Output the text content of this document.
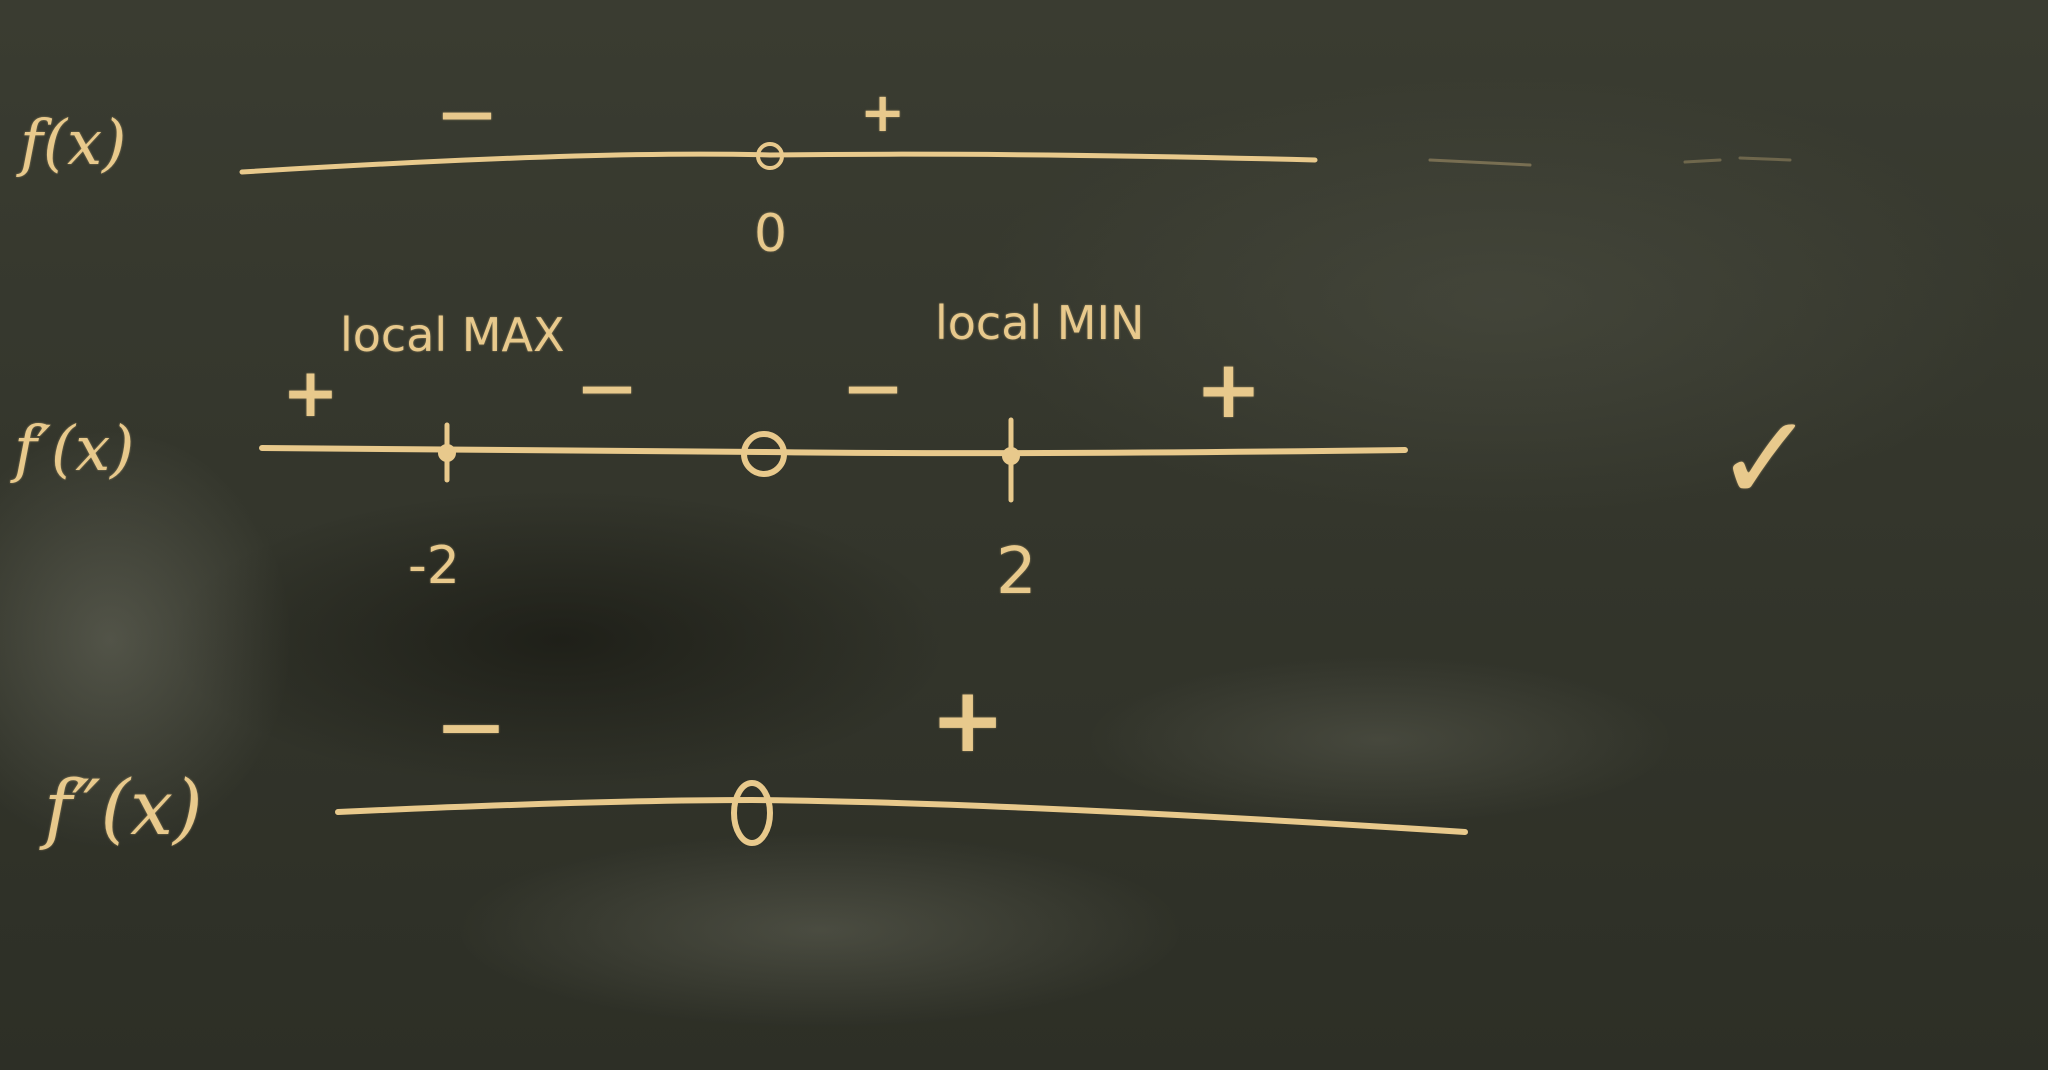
f(x)	—	+
0
f′(x)
+
local MAX
—	—
local MIN
+
-2	2
f″(x)
—	+
✓
